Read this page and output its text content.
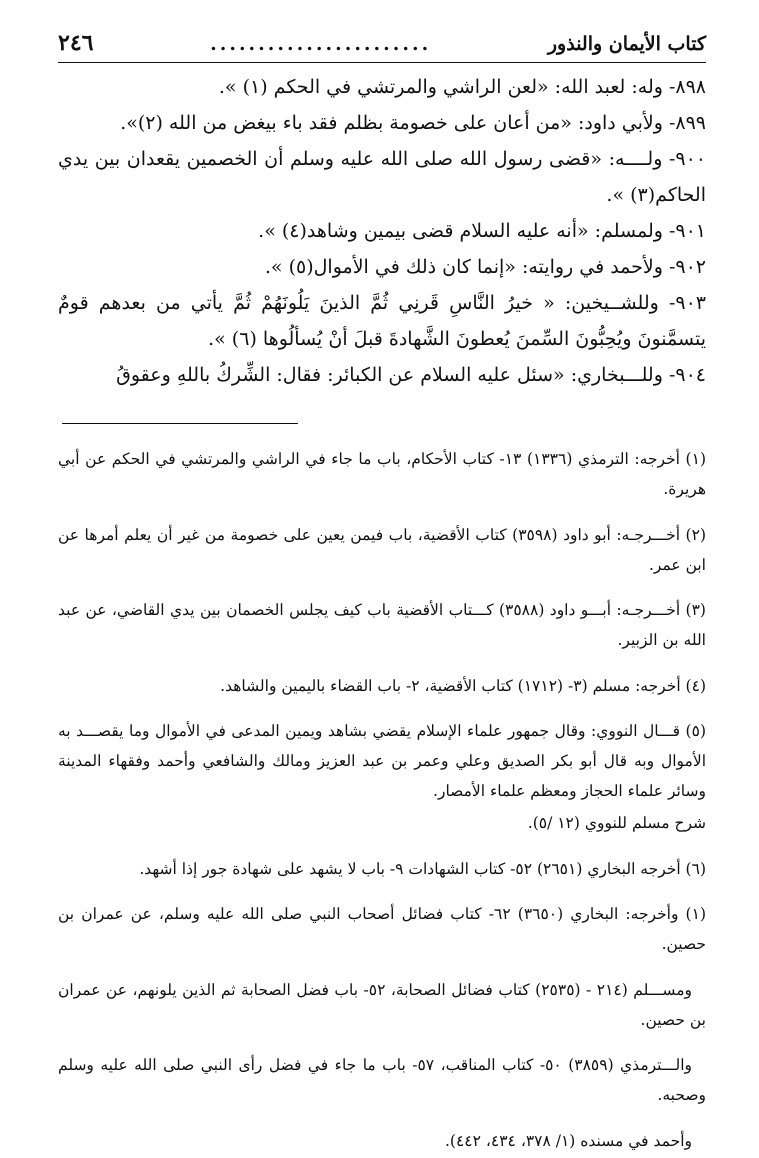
كتاب الأيمان والنذور
.......................
٢٤٦

٨٩٨- وله: لعبد الله: «لعن الراشي والمرتشي في الحكم (١) ».

٨٩٩- ولأبي داود: «من أعان على خصومة بظلم فقد باء بيغض من الله (٢)».

٩٠٠- ولــــه: «قضى رسول الله صلى الله عليه وسلم أن الخصمين يقعدان بين يدي الحاكم(٣) ».

٩٠١- ولمسلم: «أنه عليه السلام قضى بيمين وشاهد(٤) ».

٩٠٢- ولأحمد في روايته: «إنما كان ذلك في الأموال(٥) ».

٩٠٣- وللشــيخين: « خيرُ النَّاسِ قَرنِي ثُمَّ الذينَ يَلُونَهُمْ ثُمَّ يأتي من بعدهم قومٌ يتسمَّنونَ ويُحِبُّونَ السِّمنَ يُعطونَ الشَّهادةَ قبلَ أنْ يُسألُوها (٦) ».

٩٠٤- وللـــبخاري: «سئل عليه السلام عن الكبائر: فقال: الشِّركُ باللهِ وعقوقُ

(١) أخرجه: الترمذي (١٣٣٦) ١٣- كتاب الأحكام، باب ما جاء في الراشي والمرتشي في الحكم عن أبي هريرة.

(٢) أخـــرجـه: أبو داود (٣٥٩٨) كتاب الأقضية، باب فيمن يعين على خصومة من غير أن يعلم أمرها عن ابن عمر.

(٣) أخـــرجـه: أبـــو داود (٣٥٨٨) كـــتاب الأقضية باب كيف يجلس الخصمان بين يدي القاضي، عن عبد الله بن الزبير.

(٤) أخرجه: مسلم (٣- (١٧١٢) كتاب الأقضية، ٢- باب القضاء باليمين والشاهد.

(٥) قـــال النووي: وقال جمهور علماء الإسلام يقضي بشاهد ويمين المدعى في الأموال وما يقصـــد به الأموال وبه قال أبو بكر الصديق وعلي وعمر بن عبد العزيز ومالك والشافعي وأحمد وفقهاء المدينة وسائر علماء الحجاز ومعظم علماء الأمصار.

شرح مسلم للنووي (١٢ /٥).

(٦) أخرجه البخاري (٢٦٥١) ٥٢- كتاب الشهادات ٩- باب لا يشهد على شهادة جور إذا أشهد.

(١) وأخرجه: البخاري (٣٦٥٠) ٦٢- كتاب فضائل أصحاب النبي صلى الله عليه وسلم، عن عمران بن حصين.

ومســـلم (٢١٤ - (٢٥٣٥) كتاب فضائل الصحابة، ٥٢- باب فضل الصحابة ثم الذين يلونهم، عن عمران بن حصين.

والـــترمذي (٣٨٥٩) ٥٠- كتاب المناقب، ٥٧- باب ما جاء في فضل رأى النبي صلى الله عليه وسلم وصحبه.

وأحمد في مسنده (١/ ٣٧٨، ٤٣٤، ٤٤٢).
